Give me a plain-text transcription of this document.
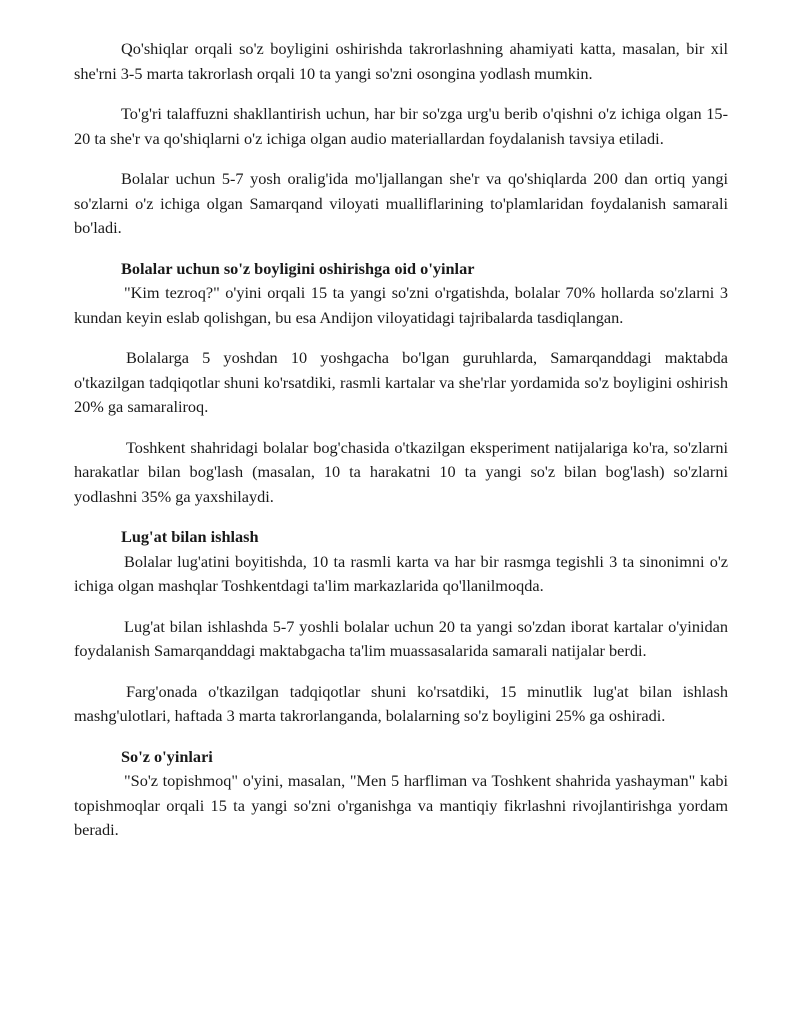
Qo'shiqlar orqali so'z boyligini oshirishda takrorlashning ahamiyati katta, masalan, bir xil she'rni 3-5 marta takrorlash orqali 10 ta yangi so'zni osongina yodlash mumkin.

To'g'ri talaffuzni shakllantirish uchun, har bir so'zga urg'u berib o'qishni o'z ichiga olgan 15-20 ta she'r va qo'shiqlarni o'z ichiga olgan audio materiallardan foydalanish tavsiya etiladi.

Bolalar uchun 5-7 yosh oralig'ida mo'ljallangan she'r va qo'shiqlarda 200 dan ortiq yangi so'zlarni o'z ichiga olgan Samarqand viloyati mualliflarining to'plamlaridan foydalanish samarali bo'ladi.

Bolalar uchun so'z boyligini oshirishga oid o'yinlar

"Kim tezroq?" o'yini orqali 15 ta yangi so'zni o'rgatishda, bolalar 70% hollarda so'zlarni 3 kundan keyin eslab qolishgan, bu esa Andijon viloyatidagi tajribalarda tasdiqlangan.

Bolalarga 5 yoshdan 10 yoshgacha bo'lgan guruhlarda, Samarqanddagi maktabda o'tkazilgan tadqiqotlar shuni ko'rsatdiki, rasmli kartalar va she'rlar yordamida so'z boyligini oshirish 20% ga samaraliroq.

Toshkent shahridagi bolalar bog'chasida o'tkazilgan eksperiment natijalariga ko'ra, so'zlarni harakatlar bilan bog'lash (masalan, 10 ta harakatni 10 ta yangi so'z bilan bog'lash) so'zlarni yodlashni 35% ga yaxshilaydi.

Lug'at bilan ishlash

Bolalar lug'atini boyitishda, 10 ta rasmli karta va har bir rasmga tegishli 3 ta sinonimni o'z ichiga olgan mashqlar Toshkentdagi ta'lim markazlarida qo'llanilmoqda.

Lug'at bilan ishlashda 5-7 yoshli bolalar uchun 20 ta yangi so'zdan iborat kartalar o'yinidan foydalanish Samarqanddagi maktabgacha ta'lim muassasalarida samarali natijalar berdi.

Farg'onada o'tkazilgan tadqiqotlar shuni ko'rsatdiki, 15 minutlik lug'at bilan ishlash mashg'ulotlari, haftada 3 marta takrorlanganda, bolalarning so'z boyligini 25% ga oshiradi.

So'z o'yinlari

"So'z topishmoq" o'yini, masalan, "Men 5 harfliman va Toshkent shahrida yashayman" kabi topishmoqlar orqali 15 ta yangi so'zni o'rganishga va mantiqiy fikrlashni rivojlantirishga yordam beradi.
